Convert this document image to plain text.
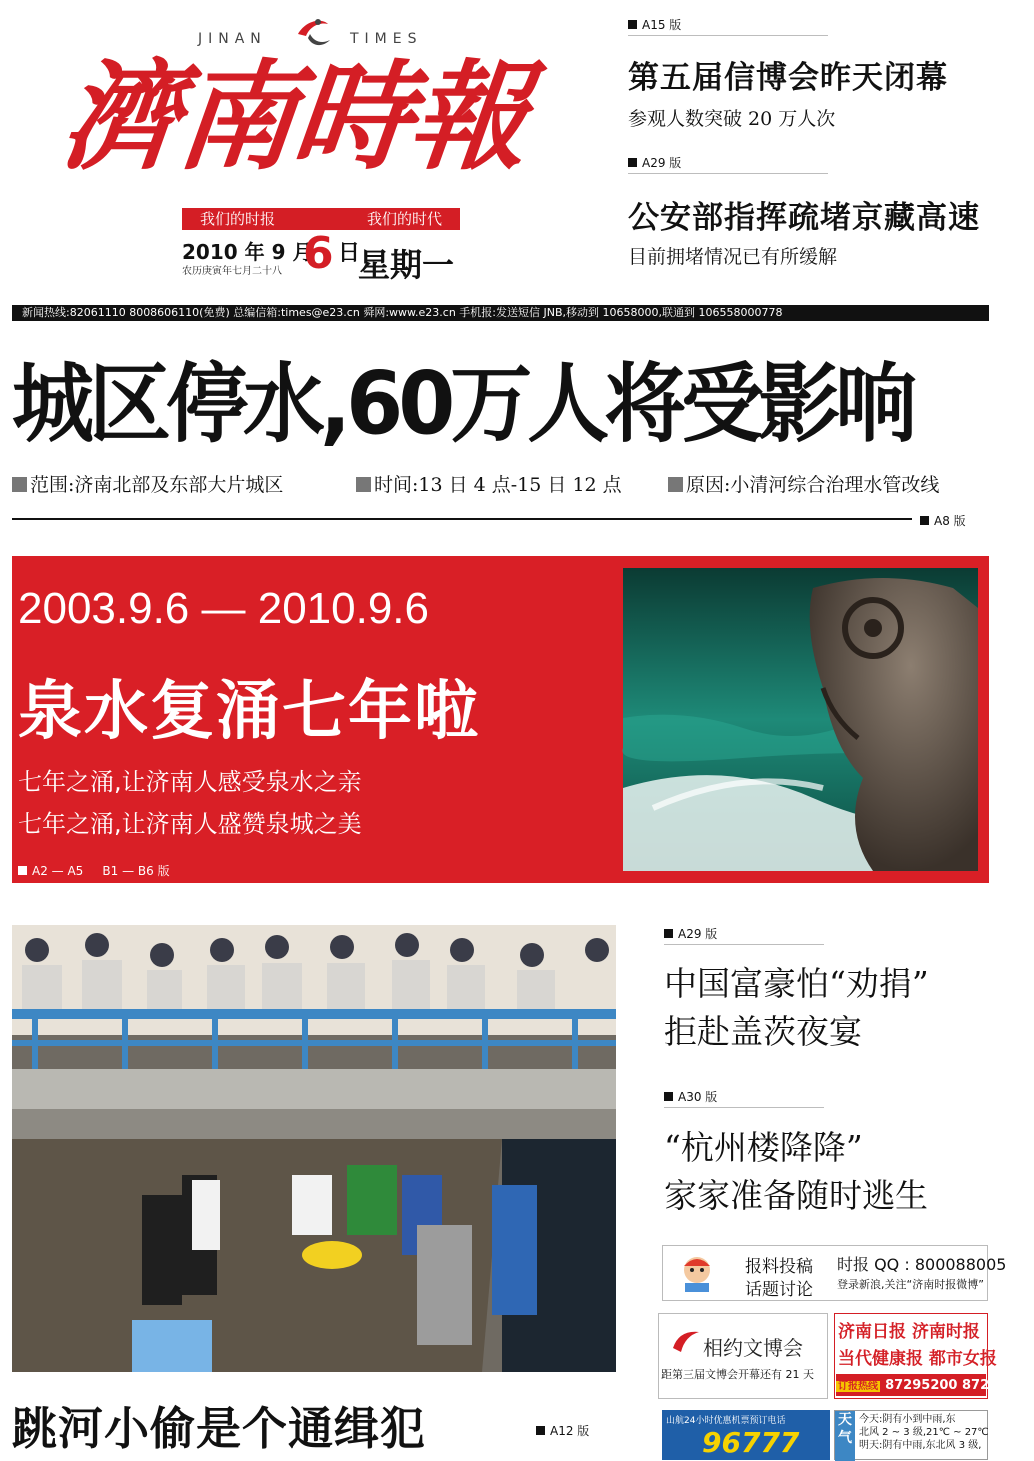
JINAN	TIMES
濟南時報
我们的时报	我们的时代
2010 年 9 月
农历庚寅年七月二十八 6 日
星期一
A15 版
第五届信博会昨天闭幕
参观人数突破 20 万人次
A29 版
公安部指挥疏堵京藏高速
目前拥堵情况已有所缓解
新闻热线:82061110 8008606110(免费) 总编信箱:times@e23.cn 舜网:www.e23.cn 手机报:发送短信 JNB,移动到 10658000,联通到 106558000778
城区停水,60万人将受影响
范围:济南北部及东部大片城区	时间:13 日 4 点-15 日 12 点	原因:小清河综合治理水管改线
A8 版
2003.9.6 — 2010.9.6
泉水复涌七年啦
七年之涌,让济南人感受泉水之亲
七年之涌,让济南人盛赞泉城之美
A2 — A5 B1 — B6 版
跳河小偷是个通缉犯	A12 版
A29 版
中国富豪怕“劝捐”
拒赴盖茨夜宴
A30 版
“杭州楼降降”
家家准备随时逃生
报料投稿
话题讨论
时报 QQ : 800088005
登录新浪,关注“济南时报微博”
相约文博会
距第三届文博会开幕还有 21 天
济南日报 济南时报
当代健康报 都市女报
订报热线 87295200 87295208
山航24小时优惠机票预订电话
96777
天气
今天:阴有小到中雨,东
北风 2 ~ 3 级,21℃ ~ 27℃
明天:阴有中雨,东北风 3 级,
